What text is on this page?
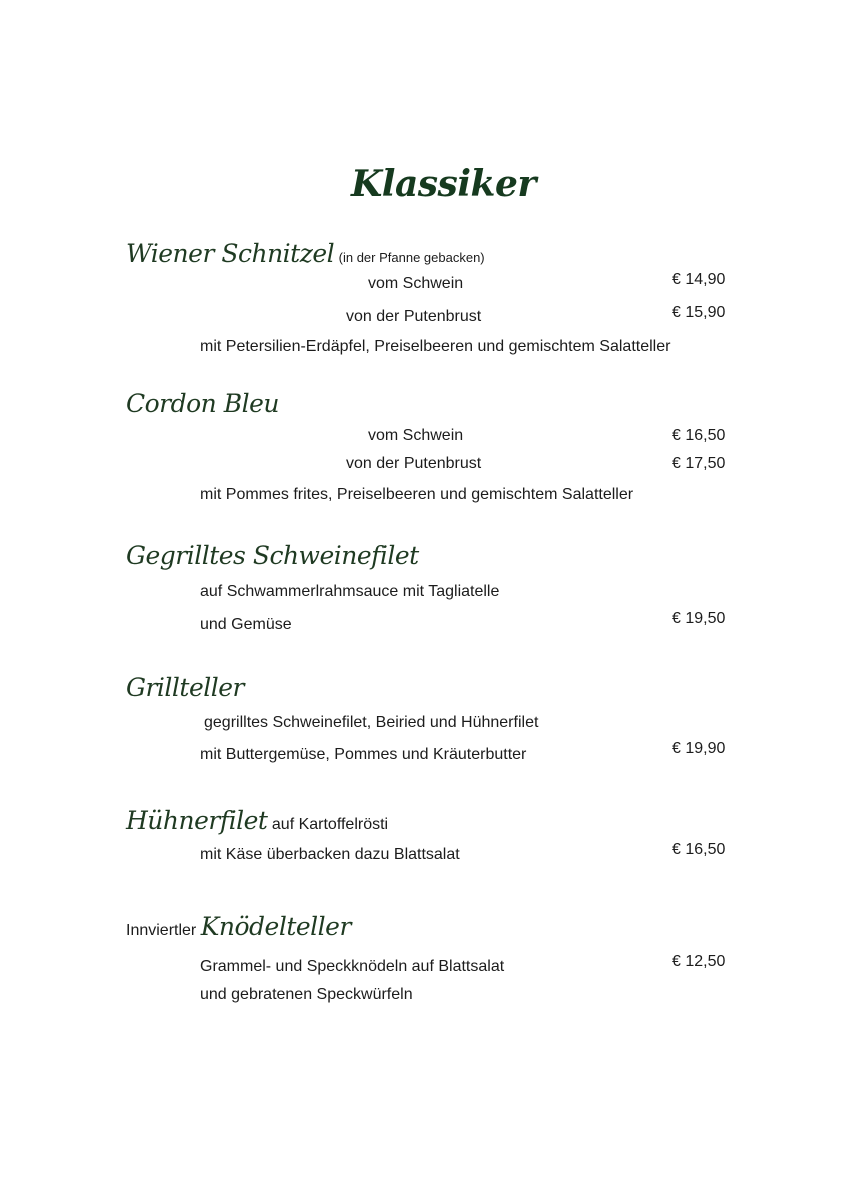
Klassiker
Wiener Schnitzel (in der Pfanne gebacken)
vom Schwein	€ 14,90
von der Putenbrust	€ 15,90
mit Petersilien-Erdäpfel, Preiselbeeren und gemischtem Salatteller
Cordon Bleu
vom Schwein	€ 16,50
von der Putenbrust	€ 17,50
mit Pommes frites, Preiselbeeren und gemischtem Salatteller
Gegrilltes Schweinefilet
auf Schwammerlrahmsauce mit Tagliatelle
und Gemüse	€ 19,50
Grillteller
gegrilltes Schweinefilet, Beiried und Hühnerfilet
mit Buttergemüse, Pommes und Kräuterbutter	€ 19,90
Hühnerfilet auf Kartoffelrösti
mit Käse überbacken dazu Blattsalat	€ 16,50
Innviertler Knödelteller
Grammel- und Speckknödeln auf Blattsalat	€ 12,50
und gebratenen Speckwürfeln
